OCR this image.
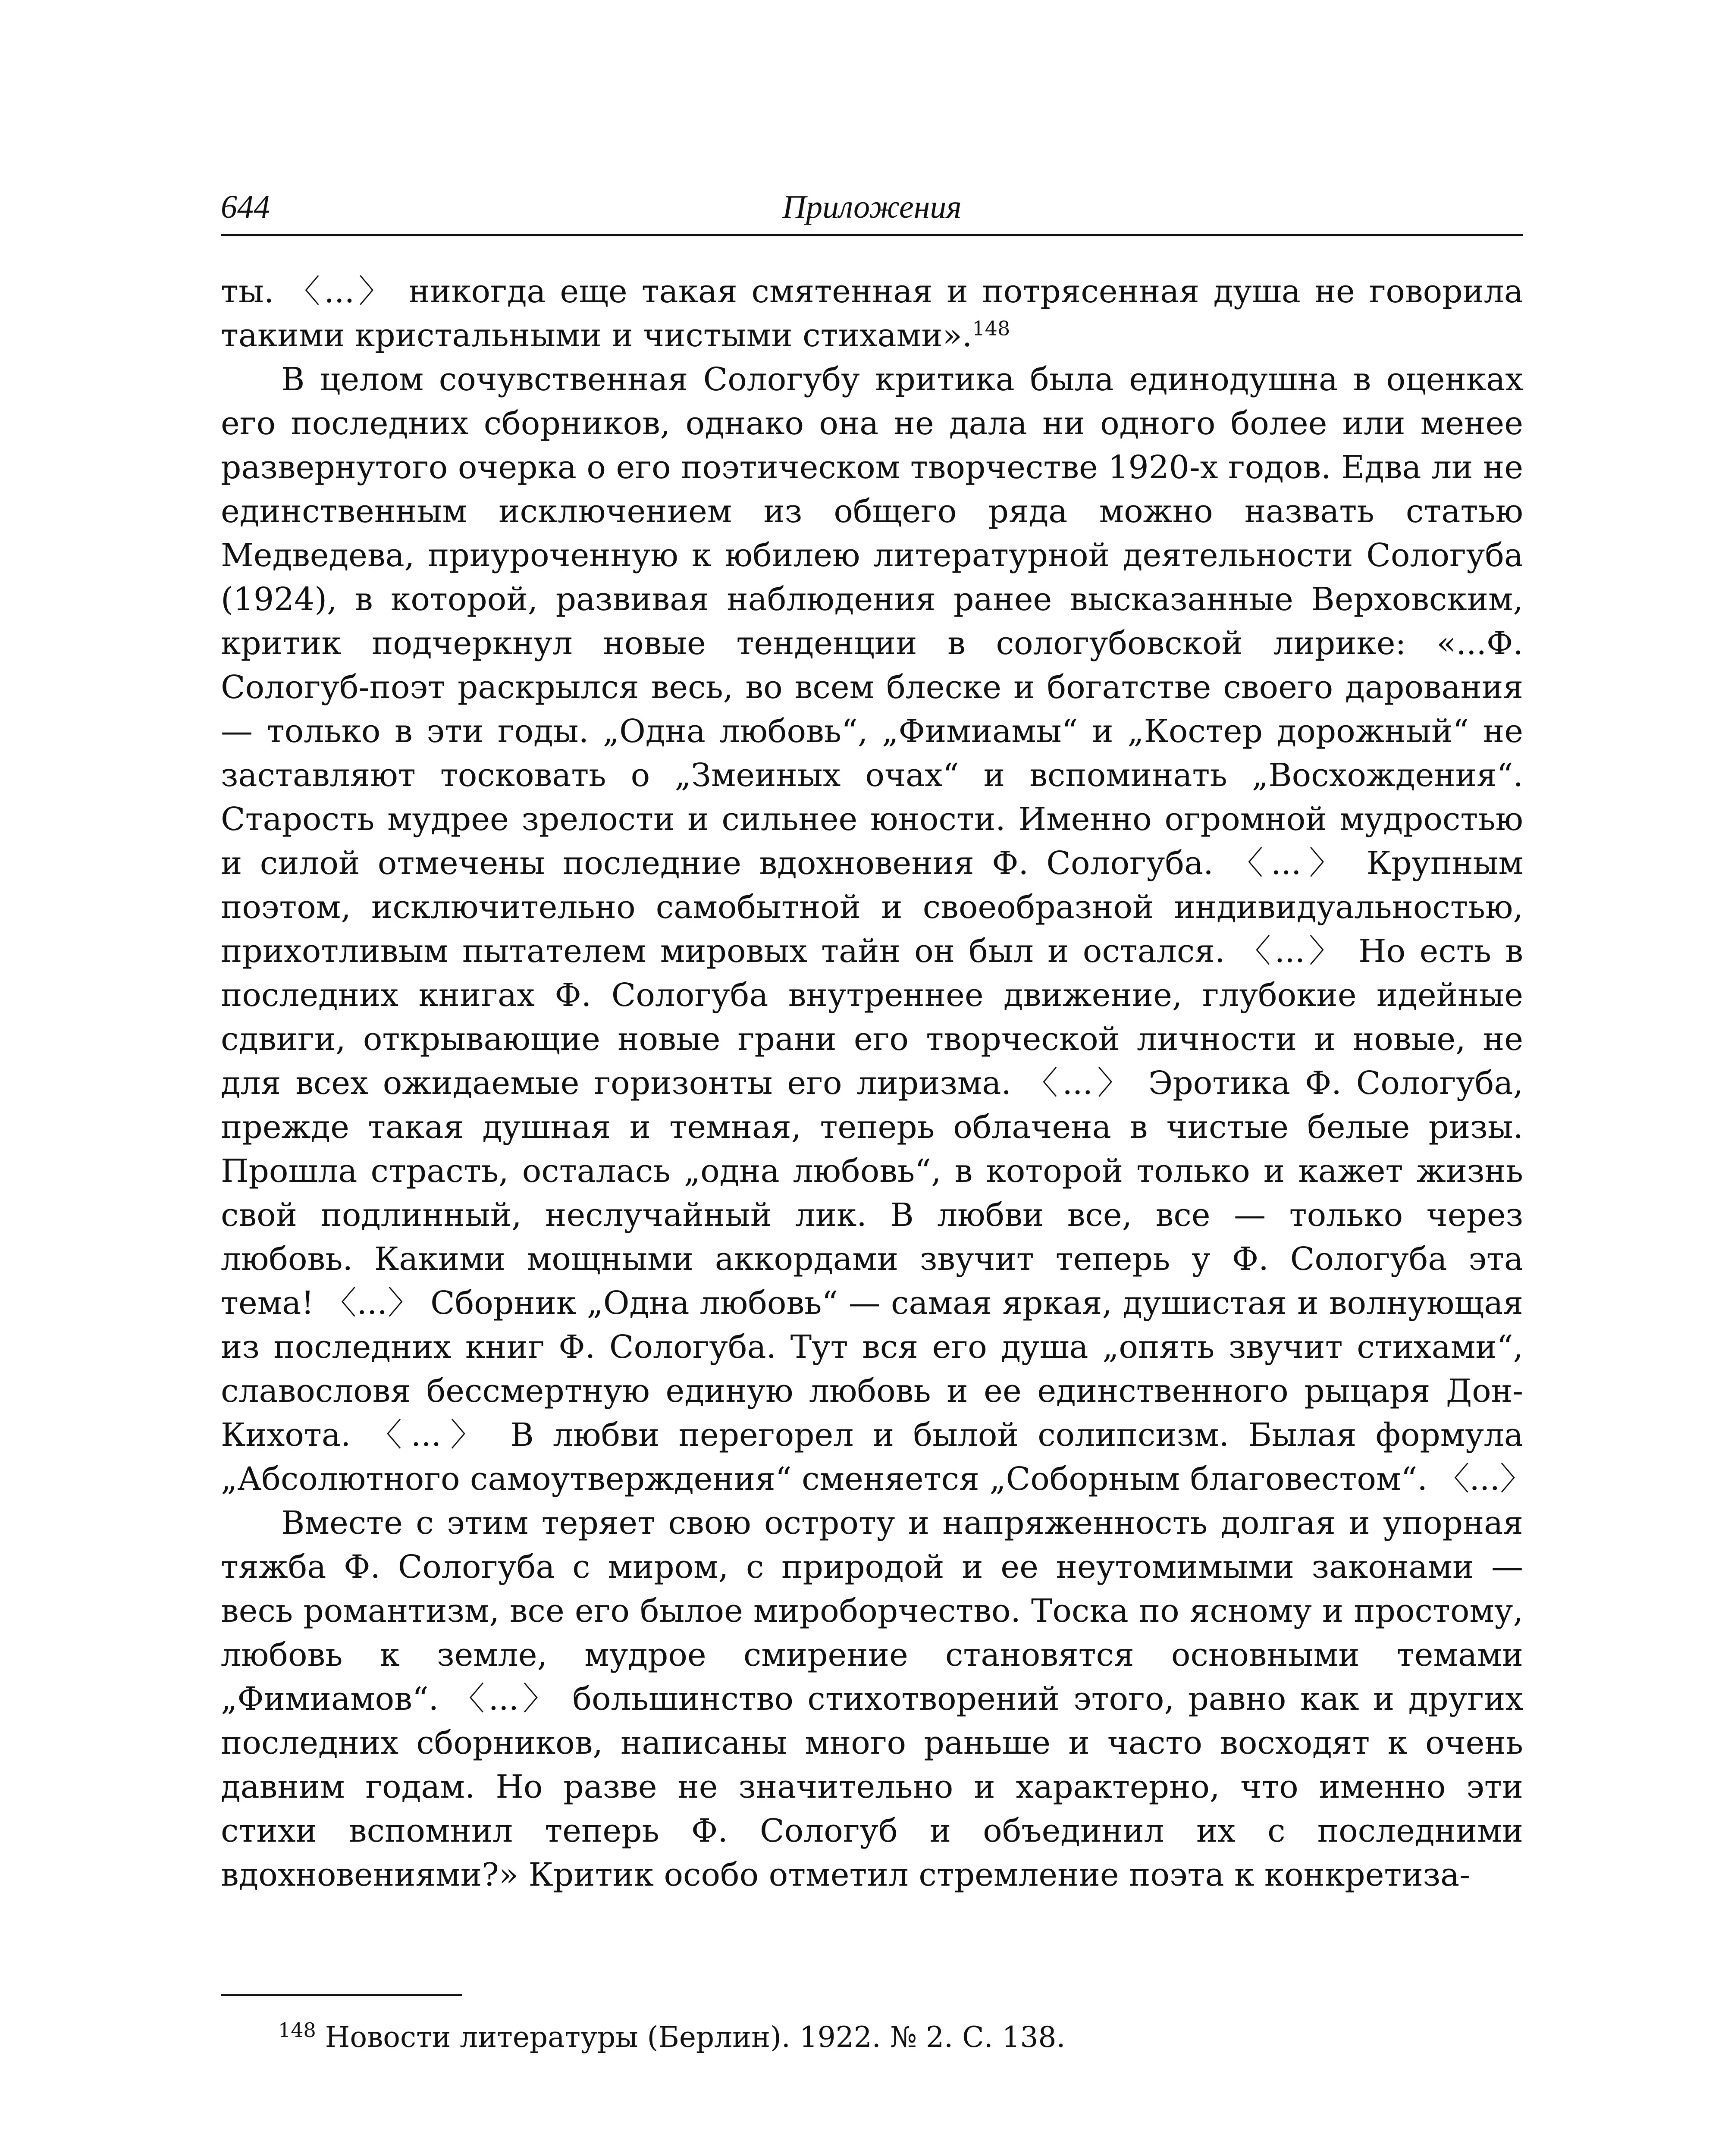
644	Приложения

ты. 〈...〉 никогда еще такая смятенная и потрясенная душа не говорила такими кристальными и чистыми стихами».$^{148}$

В целом сочувственная Сологубу критика была единодушна в оценках его последних сборников, однако она не дала ни одного более или менее развернутого очерка о его поэтическом творчестве 1920-х годов. Едва ли не единственным исключением из общего ряда можно назвать статью Медведева, приуроченную к юбилею литературной деятельности Сологуба (1924), в которой, развивая наблюдения ранее высказанные Верховским, критик подчеркнул новые тенденции в сологубовской лирике: «...Ф. Сологуб-поэт раскрылся весь, во всем блеске и богатстве своего дарования — только в эти годы. „Одна любовь“, „Фимиамы“ и „Костер дорожный“ не заставляют тосковать о „Змеиных очах“ и вспоминать „Восхождения“. Старость мудрее зрелости и сильнее юности. Именно огромной мудростью и силой отмечены последние вдохновения Ф. Сологуба. 〈...〉 Крупным поэтом, исключительно самобытной и своеобразной индивидуальностью, прихотливым пытателем мировых тайн он был и остался. 〈...〉 Но есть в последних книгах Ф. Сологуба внутреннее движение, глубокие идейные сдвиги, открывающие новые грани его творческой личности и новые, не для всех ожидаемые горизонты его лиризма. 〈...〉 Эротика Ф. Сологуба, прежде такая душная и темная, теперь облачена в чистые белые ризы. Прошла страсть, осталась „одна любовь“, в которой только и кажет жизнь свой подлинный, неслучайный лик. В любви все, все — только через любовь. Какими мощными аккордами звучит теперь у Ф. Сологуба эта тема! 〈...〉 Сборник „Одна любовь“ — самая яркая, душистая и волнующая из последних книг Ф. Сологуба. Тут вся его душа „опять звучит стихами“, славословя бессмертную единую любовь и ее единственного рыцаря Дон-Кихота. 〈...〉 В любви перегорел и былой солипсизм. Былая формула „Абсолютного самоутверждения“ сменяется „Соборным благовестом“. 〈...〉

Вместе с этим теряет свою остроту и напряженность долгая и упорная тяжба Ф. Сологуба с миром, с природой и ее неутомимыми законами — весь романтизм, все его былое мироборчество. Тоска по ясному и простому, любовь к земле, мудрое смирение становятся основными темами „Фимиамов“. 〈...〉 большинство стихотворений этого, равно как и других последних сборников, написаны много раньше и часто восходят к очень давним годам. Но разве не значительно и характерно, что именно эти стихи вспомнил теперь Ф. Сологуб и объединил их с последними вдохновениями?» Критик особо отметил стремление поэта к конкретиза-

$^{148}$ Новости литературы (Берлин). 1922. № 2. С. 138.
